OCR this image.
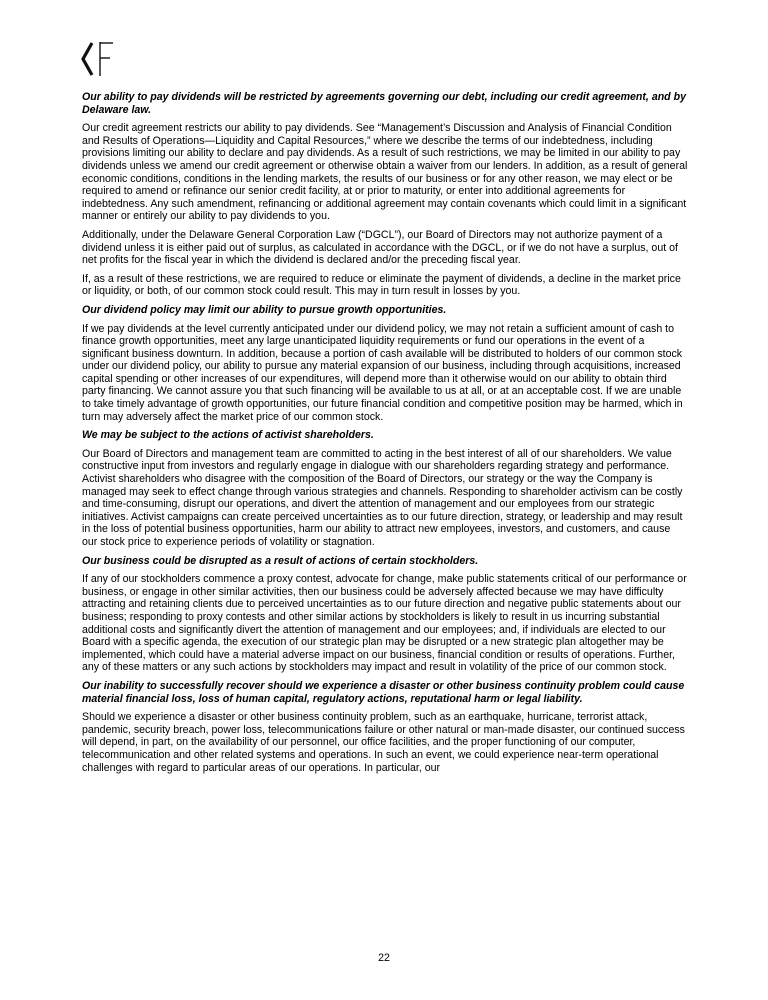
Our ability to pay dividends will be restricted by agreements governing our debt, including our credit agreement, and by Delaware law.

Our credit agreement restricts our ability to pay dividends. See “Management’s Discussion and Analysis of Financial Condition and Results of Operations—Liquidity and Capital Resources,” where we describe the terms of our indebtedness, including provisions limiting our ability to declare and pay dividends. As a result of such restrictions, we may be limited in our ability to pay dividends unless we amend our credit agreement or otherwise obtain a waiver from our lenders. In addition, as a result of general economic conditions, conditions in the lending markets, the results of our business or for any other reason, we may elect or be required to amend or refinance our senior credit facility, at or prior to maturity, or enter into additional agreements for indebtedness. Any such amendment, refinancing or additional agreement may contain covenants which could limit in a significant manner or entirely our ability to pay dividends to you.

Additionally, under the Delaware General Corporation Law (“DGCL”), our Board of Directors may not authorize payment of a dividend unless it is either paid out of surplus, as calculated in accordance with the DGCL, or if we do not have a surplus, out of net profits for the fiscal year in which the dividend is declared and/or the preceding fiscal year.

If, as a result of these restrictions, we are required to reduce or eliminate the payment of dividends, a decline in the market price or liquidity, or both, of our common stock could result. This may in turn result in losses by you.

Our dividend policy may limit our ability to pursue growth opportunities.

If we pay dividends at the level currently anticipated under our dividend policy, we may not retain a sufficient amount of cash to finance growth opportunities, meet any large unanticipated liquidity requirements or fund our operations in the event of a significant business downturn. In addition, because a portion of cash available will be distributed to holders of our common stock under our dividend policy, our ability to pursue any material expansion of our business, including through acquisitions, increased capital spending or other increases of our expenditures, will depend more than it otherwise would on our ability to obtain third party financing. We cannot assure you that such financing will be available to us at all, or at an acceptable cost. If we are unable to take timely advantage of growth opportunities, our future financial condition and competitive position may be harmed, which in turn may adversely affect the market price of our common stock.

We may be subject to the actions of activist shareholders.

Our Board of Directors and management team are committed to acting in the best interest of all of our shareholders. We value constructive input from investors and regularly engage in dialogue with our shareholders regarding strategy and performance. Activist shareholders who disagree with the composition of the Board of Directors, our strategy or the way the Company is managed may seek to effect change through various strategies and channels. Responding to shareholder activism can be costly and time-consuming, disrupt our operations, and divert the attention of management and our employees from our strategic initiatives. Activist campaigns can create perceived uncertainties as to our future direction, strategy, or leadership and may result in the loss of potential business opportunities, harm our ability to attract new employees, investors, and customers, and cause our stock price to experience periods of volatility or stagnation.

Our business could be disrupted as a result of actions of certain stockholders.

If any of our stockholders commence a proxy contest, advocate for change, make public statements critical of our performance or business, or engage in other similar activities, then our business could be adversely affected because we may have difficulty attracting and retaining clients due to perceived uncertainties as to our future direction and negative public statements about our business; responding to proxy contests and other similar actions by stockholders is likely to result in us incurring substantial additional costs and significantly divert the attention of management and our employees; and, if individuals are elected to our Board with a specific agenda, the execution of our strategic plan may be disrupted or a new strategic plan altogether may be implemented, which could have a material adverse impact on our business, financial condition or results of operations. Further, any of these matters or any such actions by stockholders may impact and result in volatility of the price of our common stock.

Our inability to successfully recover should we experience a disaster or other business continuity problem could cause material financial loss, loss of human capital, regulatory actions, reputational harm or legal liability.

Should we experience a disaster or other business continuity problem, such as an earthquake, hurricane, terrorist attack, pandemic, security breach, power loss, telecommunications failure or other natural or man-made disaster, our continued success will depend, in part, on the availability of our personnel, our office facilities, and the proper functioning of our computer, telecommunication and other related systems and operations. In such an event, we could experience near-term operational challenges with regard to particular areas of our operations. In particular, our

22
